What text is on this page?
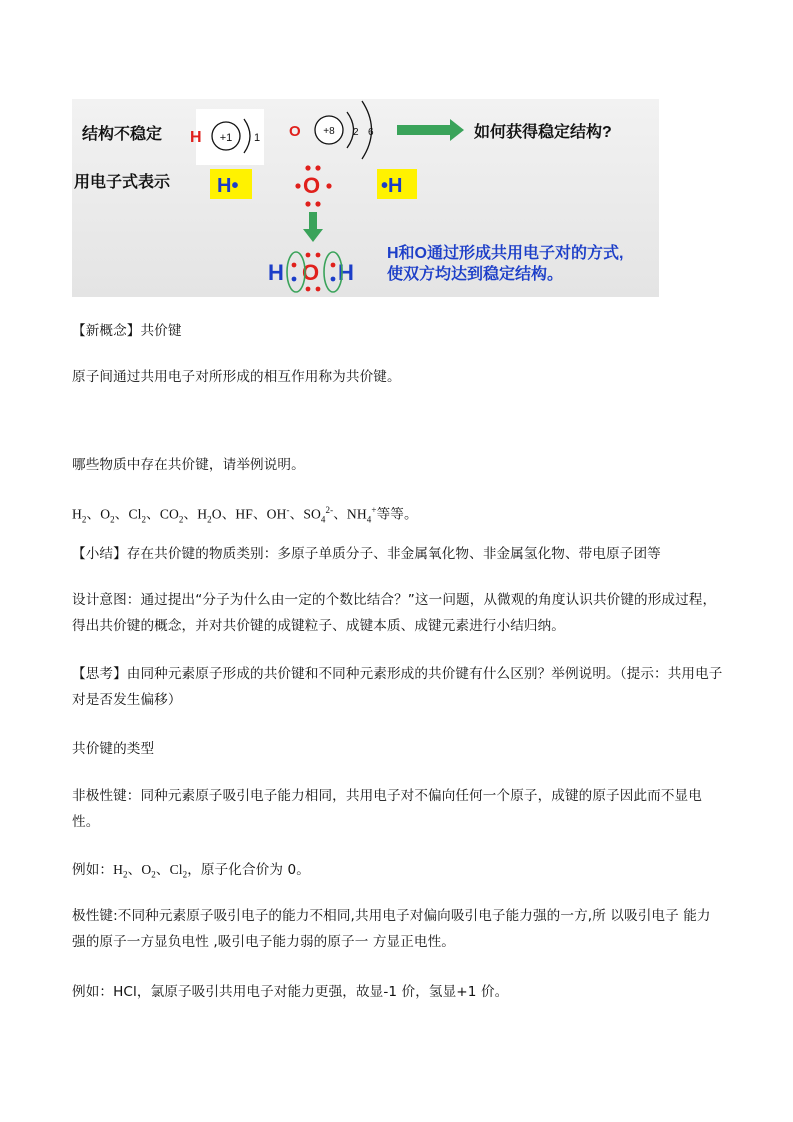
结构不稳定
用电子式表示
H +1 1 O +8 2 6	如何获得稳定结构?
H•	O	•H
H O H
H和O通过形成共用电子对的方式,
使双方均达到稳定结构。

【新概念】共价键

原子间通过共用电子对所形成的相互作用称为共价键。

哪些物质中存在共价键，请举例说明。

$H_2$、$O_2$、$Cl_2$、$CO_2$、$H_2O$、HF、OH-、$SO_4^{2-}$、$NH_4^+$等等。

【小结】存在共价键的物质类别：多原子单质分子、非金属氧化物、非金属氢化物、带电原子团等

设计意图：通过提出“分子为什么由一定的个数比结合？”这一问题，从微观的角度认识共价键的形成过程，得出共价键的概念，并对共价键的成键粒子、成键本质、成键元素进行小结归纳。

【思考】由同种元素原子形成的共价键和不同种元素形成的共价键有什么区别？举例说明。（提示：共用电子对是否发生偏移）

共价键的类型

非极性键：同种元素原子吸引电子能力相同，共用电子对不偏向任何一个原子，成键的原子因此而不显电性。

例如：$H_2$、$O_2$、$Cl_2$，原子化合价为 0。

极性键:不同种元素原子吸引电子的能力不相同,共用电子对偏向吸引电子能力强的一方,所 以吸引电子 能力强的原子一方显负电性 ,吸引电子能力弱的原子一 方显正电性。

例如：HCl，氯原子吸引共用电子对能力更强，故显-1 价，氢显+1 价。
